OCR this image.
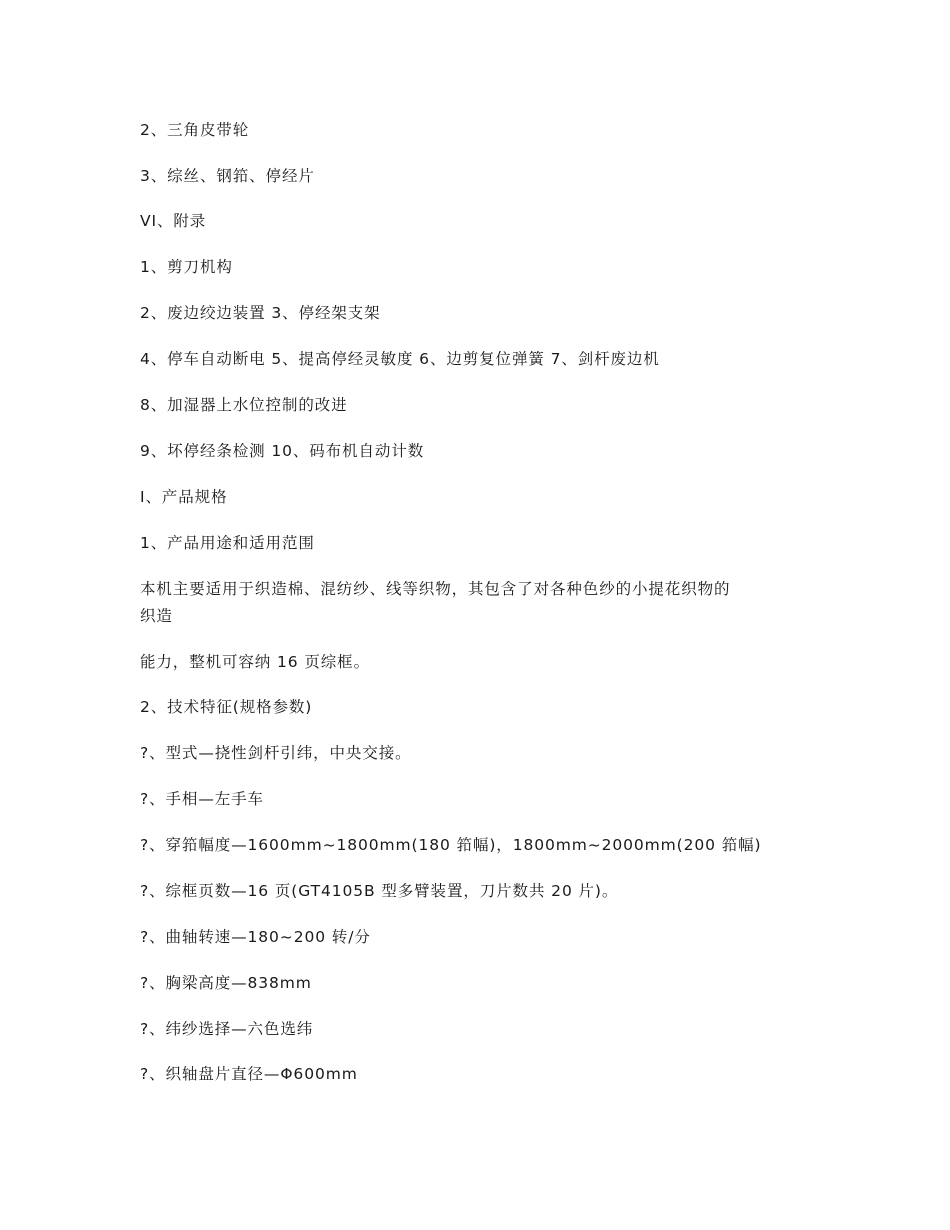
2、三角皮带轮
3、综丝、钢筘、停经片
VI、附录
1、剪刀机构
2、废边绞边装置 3、停经架支架
4、停车自动断电 5、提高停经灵敏度 6、边剪复位弹簧 7、剑杆废边机
8、加湿器上水位控制的改进
9、坏停经条检测 10、码布机自动计数
I、产品规格
1、产品用途和适用范围
本机主要适用于织造棉、混纺纱、线等织物，其包含了对各种色纱的小提花织物的
织造
能力，整机可容纳 16 页综框。
2、技术特征(规格参数)
?、型式—挠性剑杆引纬，中央交接。
?、手相—左手车
?、穿筘幅度—1600mm~1800mm(180 筘幅)，1800mm~2000mm(200 筘幅)
?、综框页数—16 页(GT4105B 型多臂装置，刀片数共 20 片)。
?、曲轴转速—180~200 转/分
?、胸梁高度—838mm
?、纬纱选择—六色选纬
?、织轴盘片直径—Φ600mm
